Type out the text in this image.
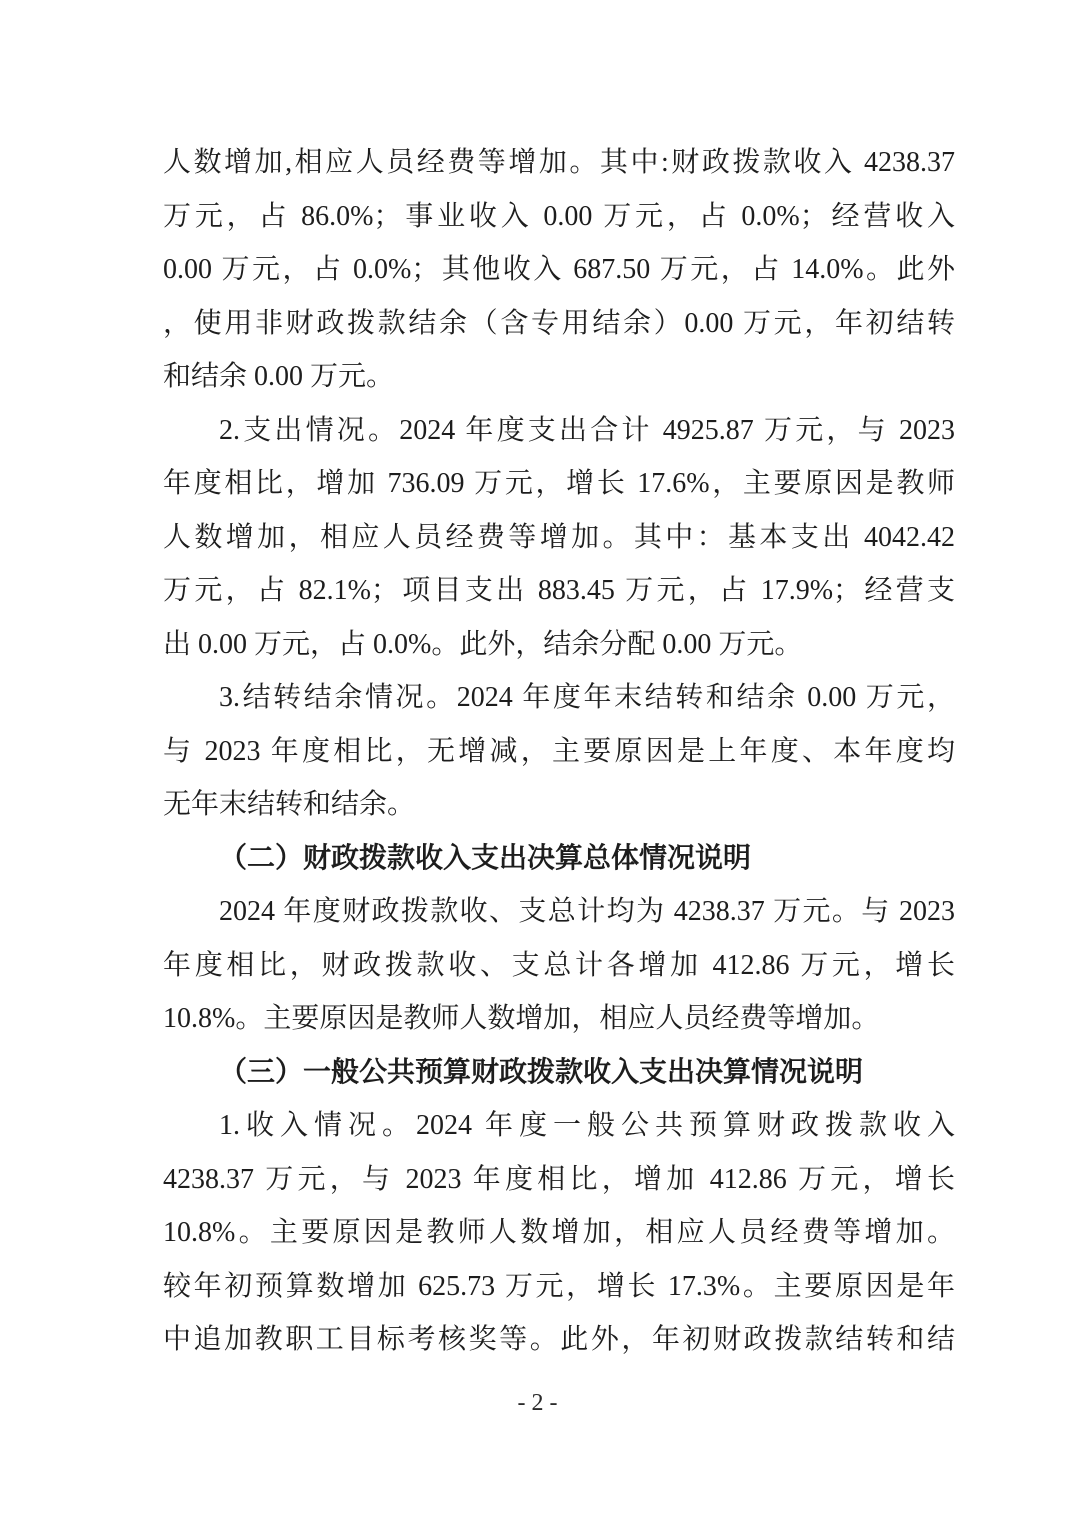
人数增加,相应人员经费等增加。其中:财政拨款收入 4238.37
万元，占 86.0%；事业收入 0.00 万元，占 0.0%；经营收入
0.00 万元，占 0.0%；其他收入 687.50 万元，占 14.0%。此外
，使用非财政拨款结余（含专用结余）0.00 万元，年初结转
和结余 0.00 万元。
2.支出情况。2024 年度支出合计 4925.87 万元，与 2023
年度相比，增加 736.09 万元，增长 17.6%，主要原因是教师
人数增加，相应人员经费等增加。其中：基本支出 4042.42
万元，占 82.1%；项目支出 883.45 万元，占 17.9%；经营支
出 0.00 万元，占 0.0%。此外，结余分配 0.00 万元。
3.结转结余情况。2024 年度年末结转和结余 0.00 万元，
与 2023 年度相比，无增减，主要原因是上年度、本年度均
无年末结转和结余。
（二）财政拨款收入支出决算总体情况说明
2024 年度财政拨款收、支总计均为 4238.37 万元。与 2023
年度相比，财政拨款收、支总计各增加 412.86 万元，增长
10.8%。主要原因是教师人数增加，相应人员经费等增加。
（三）一般公共预算财政拨款收入支出决算情况说明
1.收入情况。2024 年度一般公共预算财政拨款收入
4238.37 万元，与 2023 年度相比，增加 412.86 万元，增长
10.8%。主要原因是教师人数增加，相应人员经费等增加。
较年初预算数增加 625.73 万元，增长 17.3%。主要原因是年
中追加教职工目标考核奖等。此外，年初财政拨款结转和结
- 2 -
